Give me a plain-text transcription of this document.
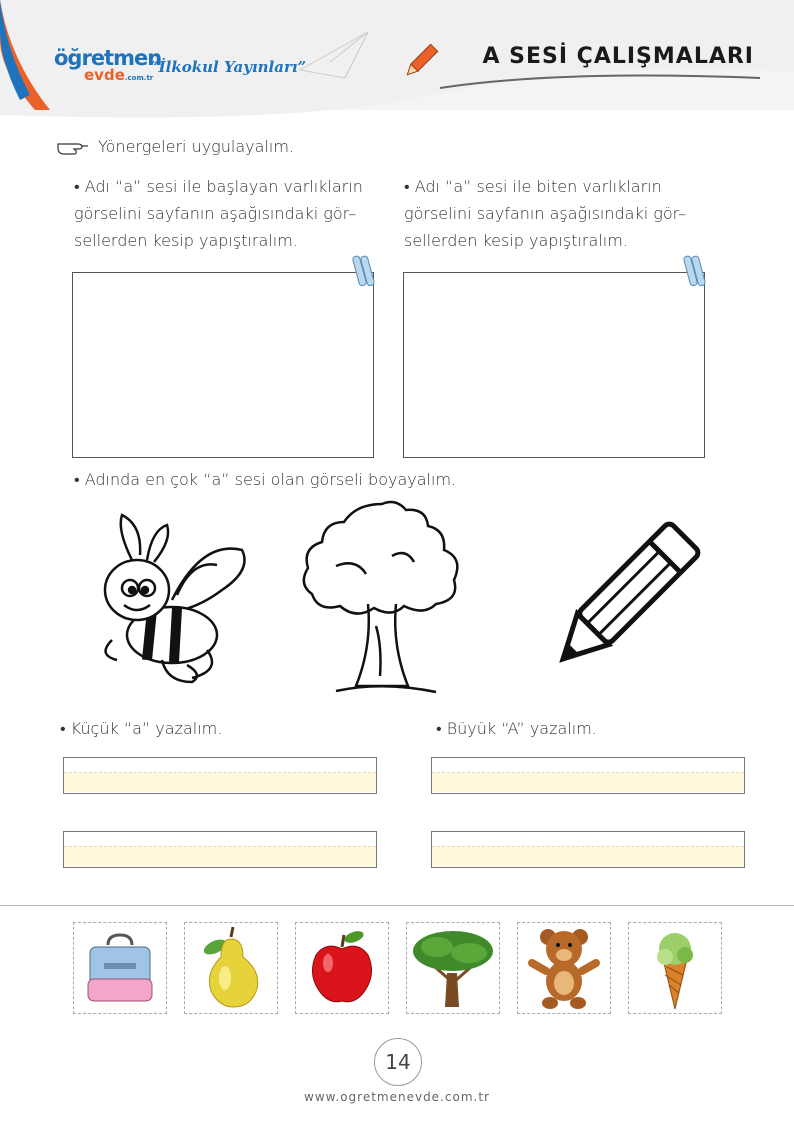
öğretmen
evde.com.tr
“İlkokul Yayınları”	A SESİ ÇALIŞMALARI
Yönergeleri uygulayalım.
• Adı “a” sesi ile başlayan varlıkların
görselini sayfanın aşağısındaki gör–
sellerden kesip yapıştıralım.
• Adı “a” sesi ile biten varlıkların
görselini sayfanın aşağısındaki gör–
sellerden kesip yapıştıralım.
• Adında en çok “a” sesi olan görseli boyayalım.
• Küçük “a” yazalım.	• Büyük “A” yazalım.
14
www.ogretmenevde.com.tr
